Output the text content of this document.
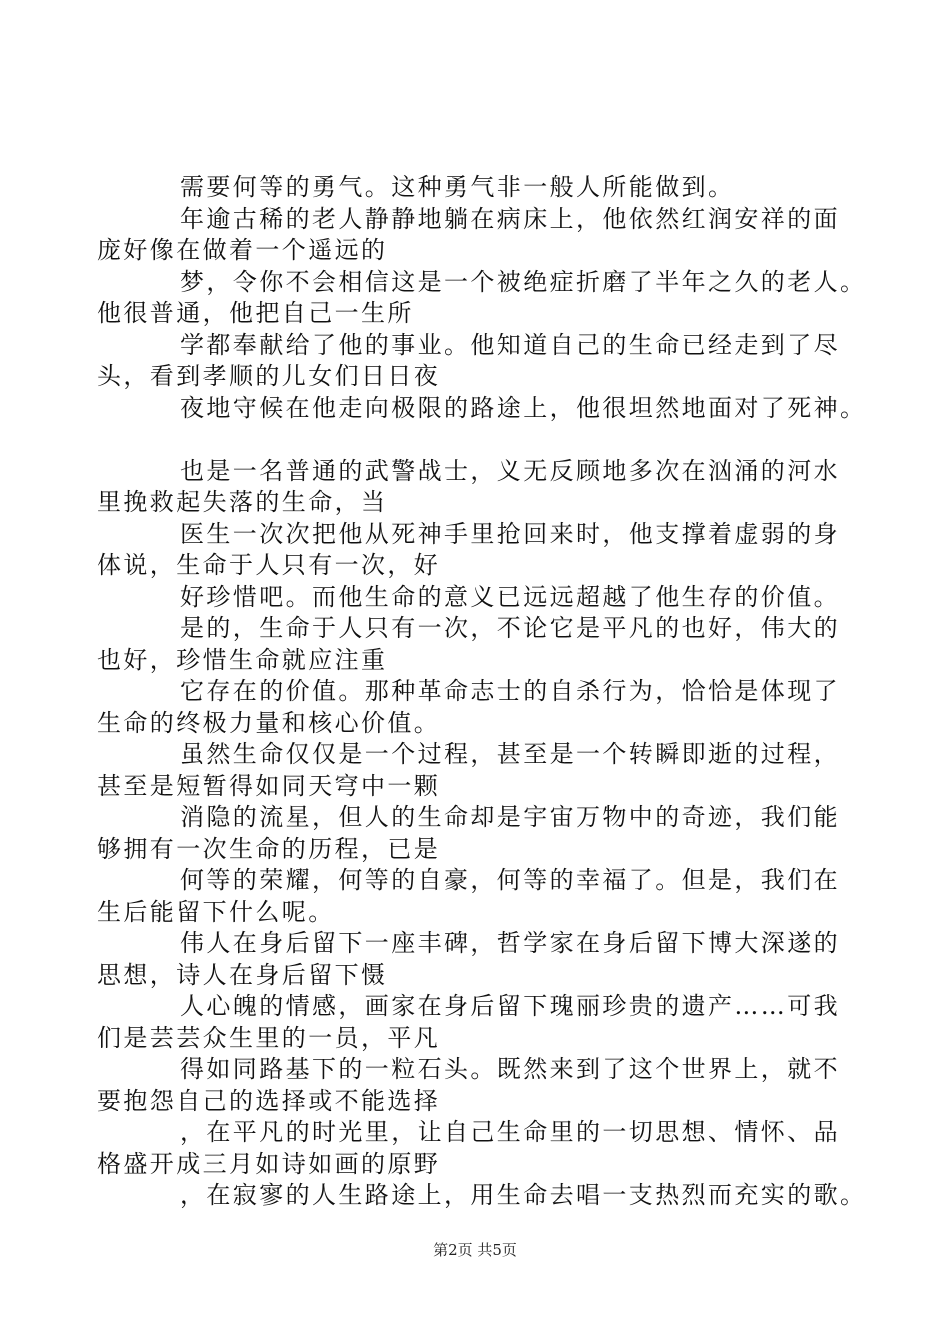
需要何等的勇气。这种勇气非一般人所能做到。
年逾古稀的老人静静地躺在病床上，他依然红润安祥的面
庞好像在做着一个遥远的
梦，令你不会相信这是一个被绝症折磨了半年之久的老人。
他很普通，他把自己一生所
学都奉献给了他的事业。他知道自己的生命已经走到了尽
头，看到孝顺的儿女们日日夜
夜地守候在他走向极限的路途上，他很坦然地面对了死神。
也是一名普通的武警战士，义无反顾地多次在汹涌的河水
里挽救起失落的生命，当
医生一次次把他从死神手里抢回来时，他支撑着虚弱的身
体说，生命于人只有一次，好
好珍惜吧。而他生命的意义已远远超越了他生存的价值。
是的，生命于人只有一次，不论它是平凡的也好，伟大的
也好，珍惜生命就应注重
它存在的价值。那种革命志士的自杀行为，恰恰是体现了
生命的终极力量和核心价值。
虽然生命仅仅是一个过程，甚至是一个转瞬即逝的过程，
甚至是短暂得如同天穹中一颗
消隐的流星，但人的生命却是宇宙万物中的奇迹，我们能
够拥有一次生命的历程，已是
何等的荣耀，何等的自豪，何等的幸福了。但是，我们在
生后能留下什么呢。
伟人在身后留下一座丰碑，哲学家在身后留下博大深遂的
思想，诗人在身后留下慑
人心魄的情感，画家在身后留下瑰丽珍贵的遗产……可我
们是芸芸众生里的一员，平凡
得如同路基下的一粒石头。既然来到了这个世界上，就不
要抱怨自己的选择或不能选择
，在平凡的时光里，让自己生命里的一切思想、情怀、品
格盛开成三月如诗如画的原野
，在寂寥的人生路途上，用生命去唱一支热烈而充实的歌。
第2页 共5页
